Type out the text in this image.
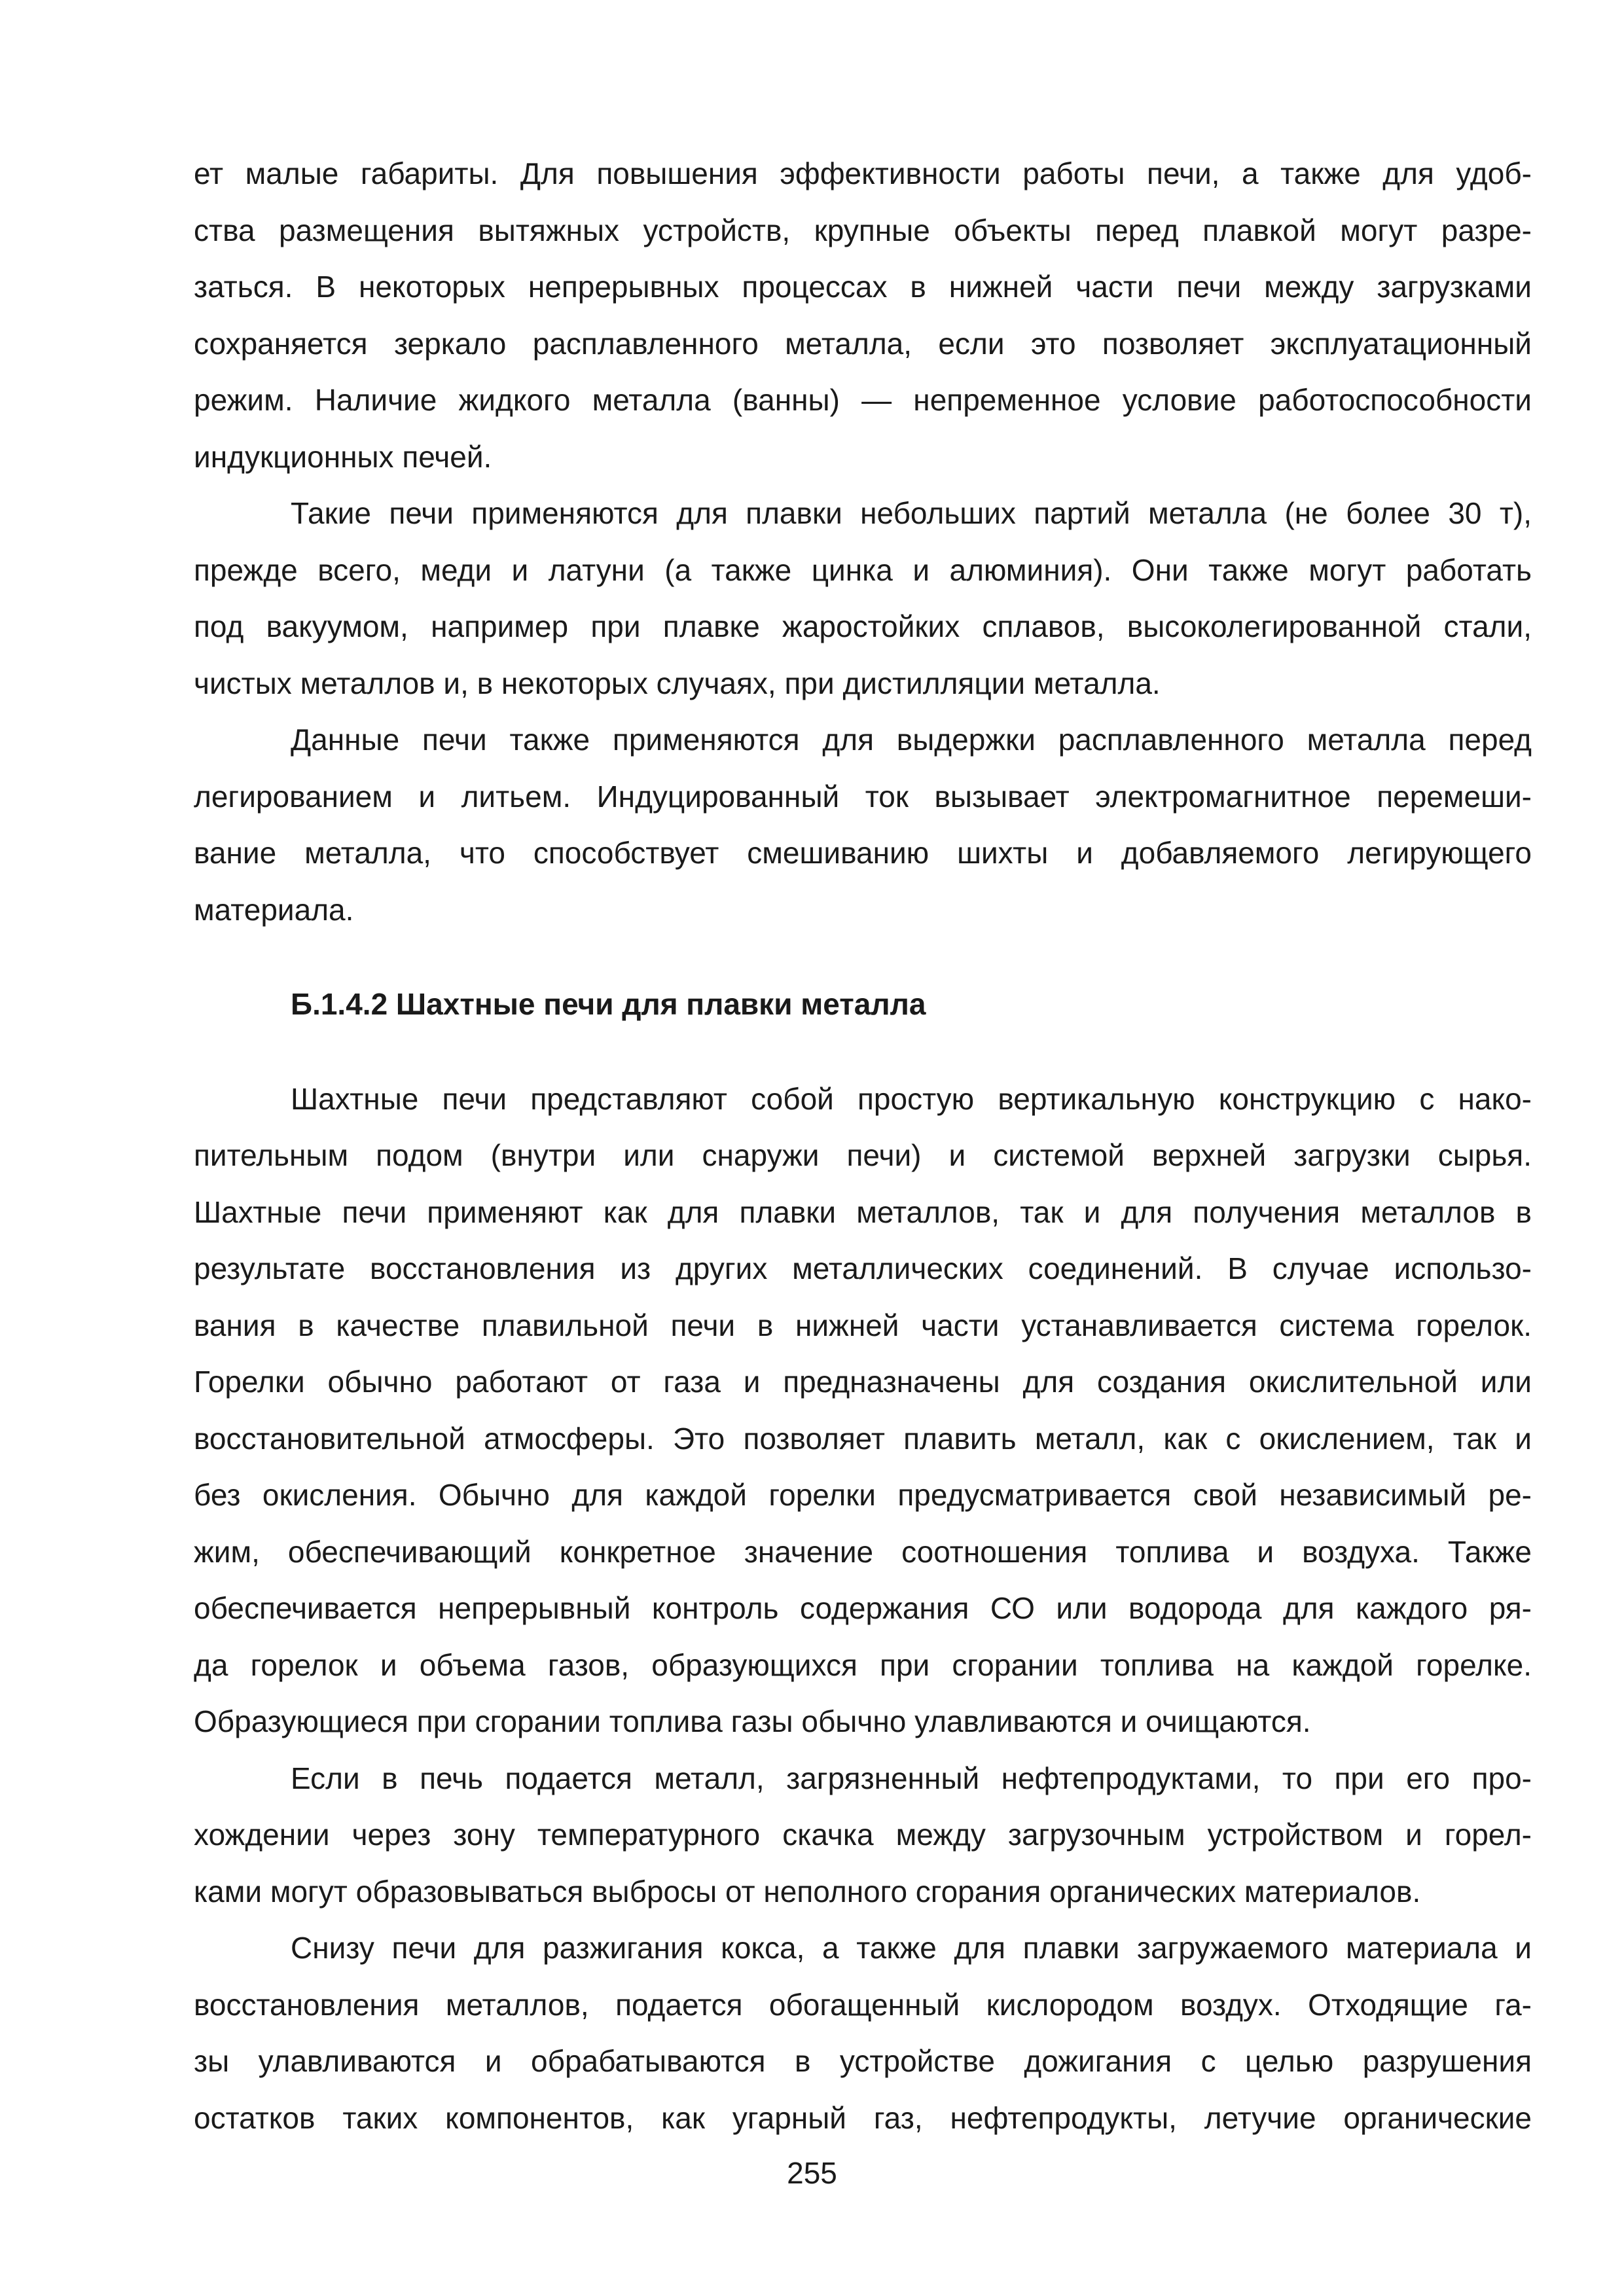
ет малые габариты. Для повышения эффективности работы печи, а также для удоб-
ства размещения вытяжных устройств, крупные объекты перед плавкой могут разре-
заться. В некоторых непрерывных процессах в нижней части печи между загрузками
сохраняется зеркало расплавленного металла, если это позволяет эксплуатационный
режим. Наличие жидкого металла (ванны) — непременное условие работоспособности
индукционных печей.

Такие печи применяются для плавки небольших партий металла (не более 30 т),
прежде всего, меди и латуни (а также цинка и алюминия). Они также могут работать
под вакуумом, например при плавке жаростойких сплавов, высоколегированной стали,
чистых металлов и, в некоторых случаях, при дистилляции металла.

Данные печи также применяются для выдержки расплавленного металла перед
легированием и литьем. Индуцированный ток вызывает электромагнитное перемеши-
вание металла, что способствует смешиванию шихты и добавляемого легирующего
материала.

Б.1.4.2 Шахтные печи для плавки металла

Шахтные печи представляют собой простую вертикальную конструкцию с нако-
пительным подом (внутри или снаружи печи) и системой верхней загрузки сырья.
Шахтные печи применяют как для плавки металлов, так и для получения металлов в
результате восстановления из других металлических соединений. В случае использо-
вания в качестве плавильной печи в нижней части устанавливается система горелок.
Горелки обычно работают от газа и предназначены для создания окислительной или
восстановительной атмосферы. Это позволяет плавить металл, как с окислением, так и
без окисления. Обычно для каждой горелки предусматривается свой независимый ре-
жим, обеспечивающий конкретное значение соотношения топлива и воздуха. Также
обеспечивается непрерывный контроль содержания СО или водорода для каждого ря-
да горелок и объема газов, образующихся при сгорании топлива на каждой горелке.
Образующиеся при сгорании топлива газы обычно улавливаются и очищаются.

Если в печь подается металл, загрязненный нефтепродуктами, то при его про-
хождении через зону температурного скачка между загрузочным устройством и горел-
ками могут образовываться выбросы от неполного сгорания органических материалов.

Снизу печи для разжигания кокса, а также для плавки загружаемого материала и
восстановления металлов, подается обогащенный кислородом воздух. Отходящие га-
зы улавливаются и обрабатываются в устройстве дожигания с целью разрушения
остатков таких компонентов, как угарный газ, нефтепродукты, летучие органические

255
